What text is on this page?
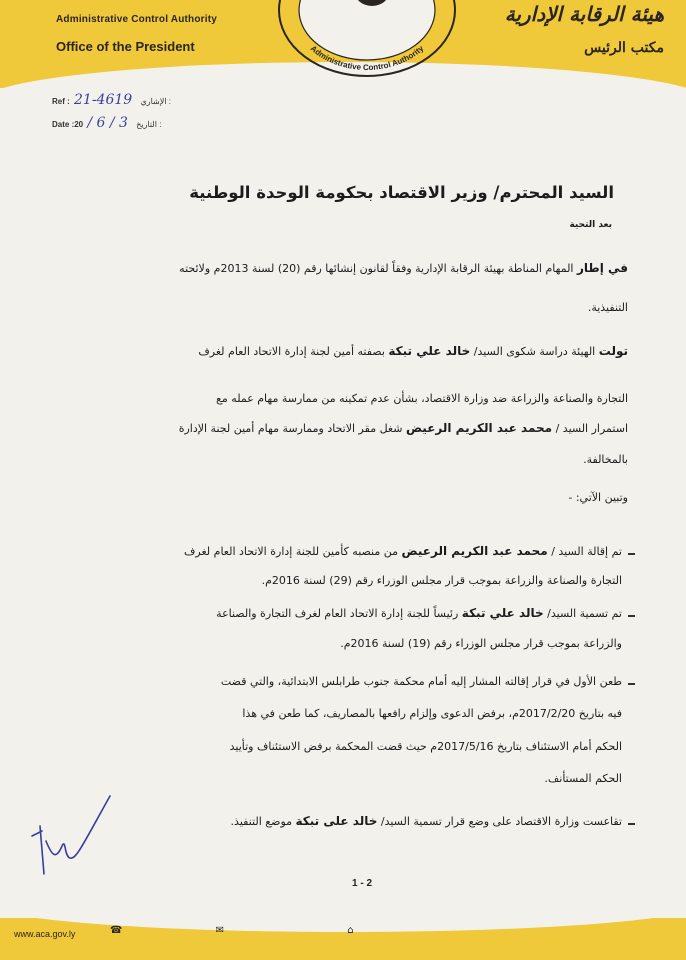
Administrative Control Authority
Office of the President	Administrative Control Authority
هيئة الرقابة الإدارية
مكتب الرئيس
Ref : 21-4619 الإشاري :
Date :20 / 6 / 3 التاريخ :
السيد المحترم/ وزير الاقتصاد بحكومة الوحدة الوطنية
بعد التحية
في إطار المهام المناطة بهيئة الرقابة الإدارية وفقاً لقانون إنشائها رقم (20) لسنة 2013م ولائحته
التنفيذية.
تولت الهيئة دراسة شكوى السيد/ خالد علي تبكة بصفته أمين لجنة إدارة الاتحاد العام لغرف
التجارة والصناعة والزراعة ضد وزارة الاقتصاد، بشأن عدم تمكينه من ممارسة مهام عمله مع
استمرار السيد / محمد عبد الكريم الرعيض شغل مقر الاتحاد وممارسة مهام أمين لجنة الإدارة
بالمخالفة.
وتبين الآتي: -
تم إقالة السيد / محمد عبد الكريم الرعيض من منصبه كأمين للجنة إدارة الاتحاد العام لغرف
التجارة والصناعة والزراعة بموجب قرار مجلس الوزراء رقم (29) لسنة 2016م.
تم تسمية السيد/ خالد علي تبكة رئيساً للجنة إدارة الاتحاد العام لغرف التجارة والصناعة
والزراعة بموجب قرار مجلس الوزراء رقم (19) لسنة 2016م.
طعن الأول في قرار إقالته المشار إليه أمام محكمة جنوب طرابلس الابتدائية، والتي قضت
فيه بتاريخ 2017/2/20م، برفض الدعوى وإلزام رافعها بالمصاريف، كما طعن في هذا
الحكم أمام الاستئناف بتاريخ 2017/5/16م حيث قضت المحكمة برفض الاستئناف وتأييد
الحكم المستأنف.
تقاعست وزارة الاقتصاد على وضع قرار تسمية السيد/ خالد على تبكة موضع التنفيذ.
1 - 2
www.aca.gov.ly	☎	✉	⌂
